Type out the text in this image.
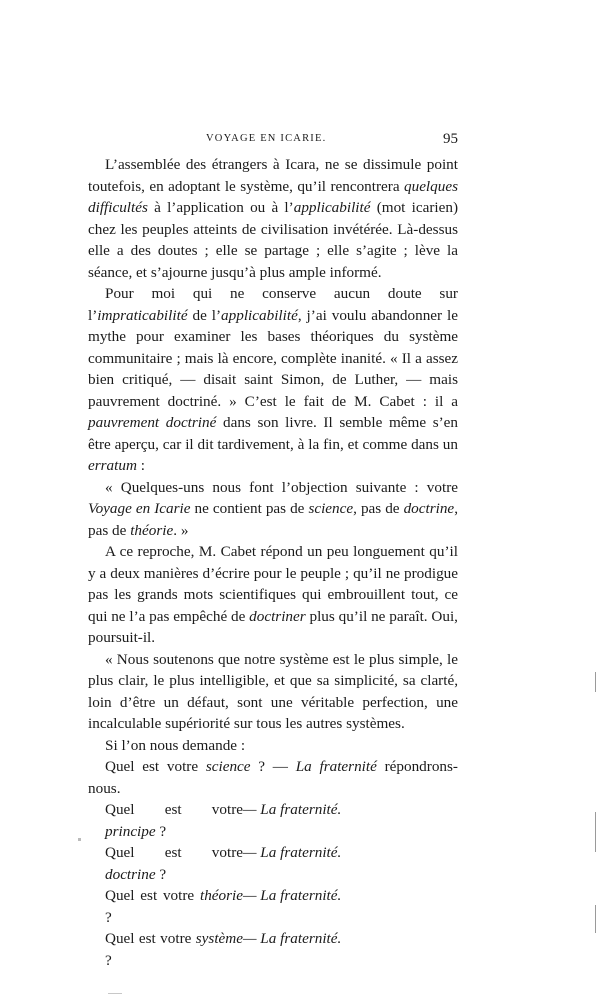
VOYAGE EN ICARIE.	95

L’assemblée des étrangers à Icara, ne se dissimule point toutefois, en adoptant le système, qu’il rencontrera quelques difficultés à l’application ou à l’applicabilité (mot icarien) chez les peuples atteints de civilisation invétérée. Là-dessus elle a des doutes ; elle se partage ; elle s’agite ; lève la séance, et s’ajourne jusqu’à plus ample informé.

Pour moi qui ne conserve aucun doute sur l’impraticabilité de l’applicabilité, j’ai voulu abandonner le mythe pour examiner les bases théoriques du système communitaire ; mais là encore, complète inanité. « Il a assez bien critiqué, — disait saint Simon, de Luther, — mais pauvrement doctriné. » C’est le fait de M. Cabet : il a pauvrement doctriné dans son livre. Il semble même s’en être aperçu, car il dit tardivement, à la fin, et comme dans un erratum :

« Quelques-uns nous font l’objection suivante : votre Voyage en Icarie ne contient pas de science, pas de doctrine, pas de théorie. »

A ce reproche, M. Cabet répond un peu longuement qu’il y a deux manières d’écrire pour le peuple ; qu’il ne prodigue pas les grands mots scientifiques qui embrouillent tout, ce qui ne l’a pas empêché de doctriner plus qu’il ne paraît. Oui, poursuit-il.

« Nous soutenons que notre système est le plus simple, le plus clair, le plus intelligible, et que sa simplicité, sa clarté, loin d’être un défaut, sont une véritable perfection, une incalculable supériorité sur tous les autres systèmes.

Si l’on nous demande :

Quel est votre science ? — La fraternité répondrons-nous.

Quel est votre principe ?
— La fraternité.
Quel est votre doctrine ?
— La fraternité.
Quel est votre théorie ?
— La fraternité.
Quel est votre système ?
— La fraternité.
